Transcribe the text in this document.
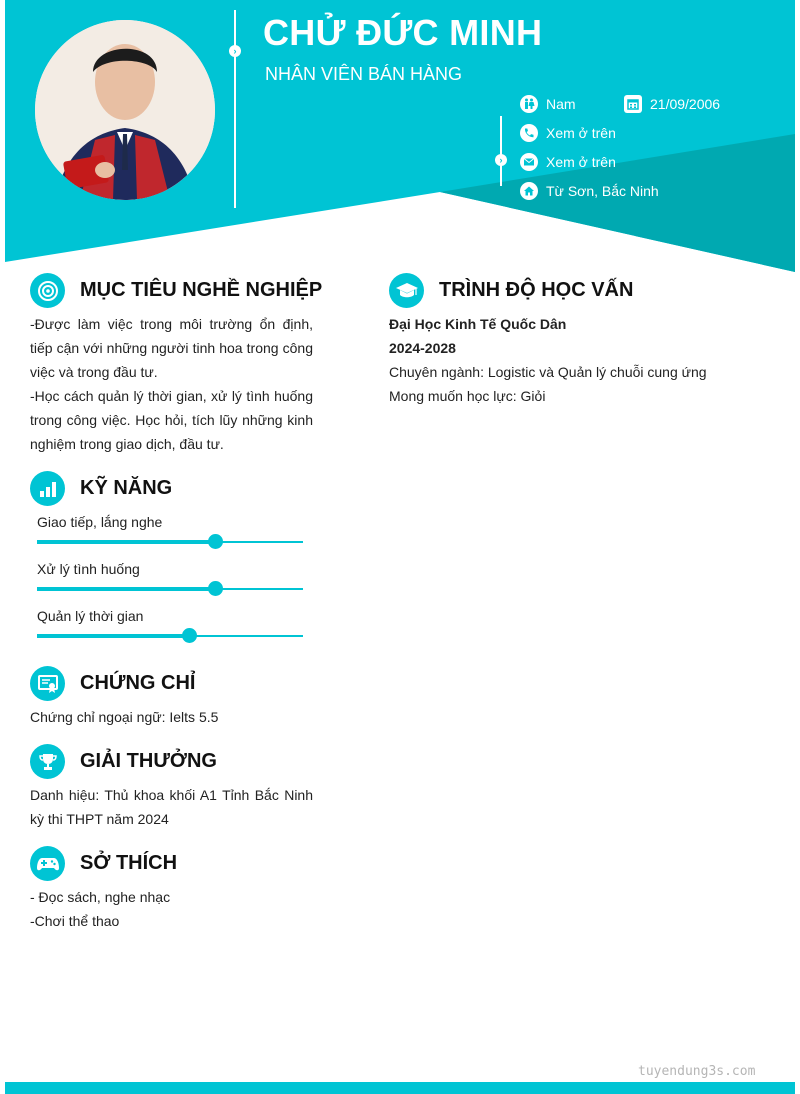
› CHỬ ĐỨC MINH
NHÂN VIÊN BÁN HÀNG
›
Nam	21/09/2006
Xem ở trên
Xem ở trên
Từ Sơn, Bắc Ninh
MỤC TIÊU NGHỀ NGHIỆP
-Được làm việc trong môi trường ổn định, tiếp cận với những người tinh hoa trong công việc và trong đầu tư.
-Học cách quản lý thời gian, xử lý tình huống trong công việc. Học hỏi, tích lũy những kinh nghiệm trong giao dịch, đầu tư.
KỸ NĂNG
Giao tiếp, lắng nghe
Xử lý tình huống
Quản lý thời gian
CHỨNG CHỈ
Chứng chỉ ngoại ngữ: Ielts 5.5
GIẢI THƯỞNG
Danh hiệu: Thủ khoa khối A1 Tỉnh Bắc Ninh kỳ thi THPT năm 2024
SỞ THÍCH
- Đọc sách, nghe nhạc
-Chơi thể thao
TRÌNH ĐỘ HỌC VẤN
Đại Học Kinh Tế Quốc Dân
2024-2028
Chuyên ngành: Logistic và Quản lý chuỗi cung ứng
Mong muốn học lực: Giỏi
tuyendung3s.com
